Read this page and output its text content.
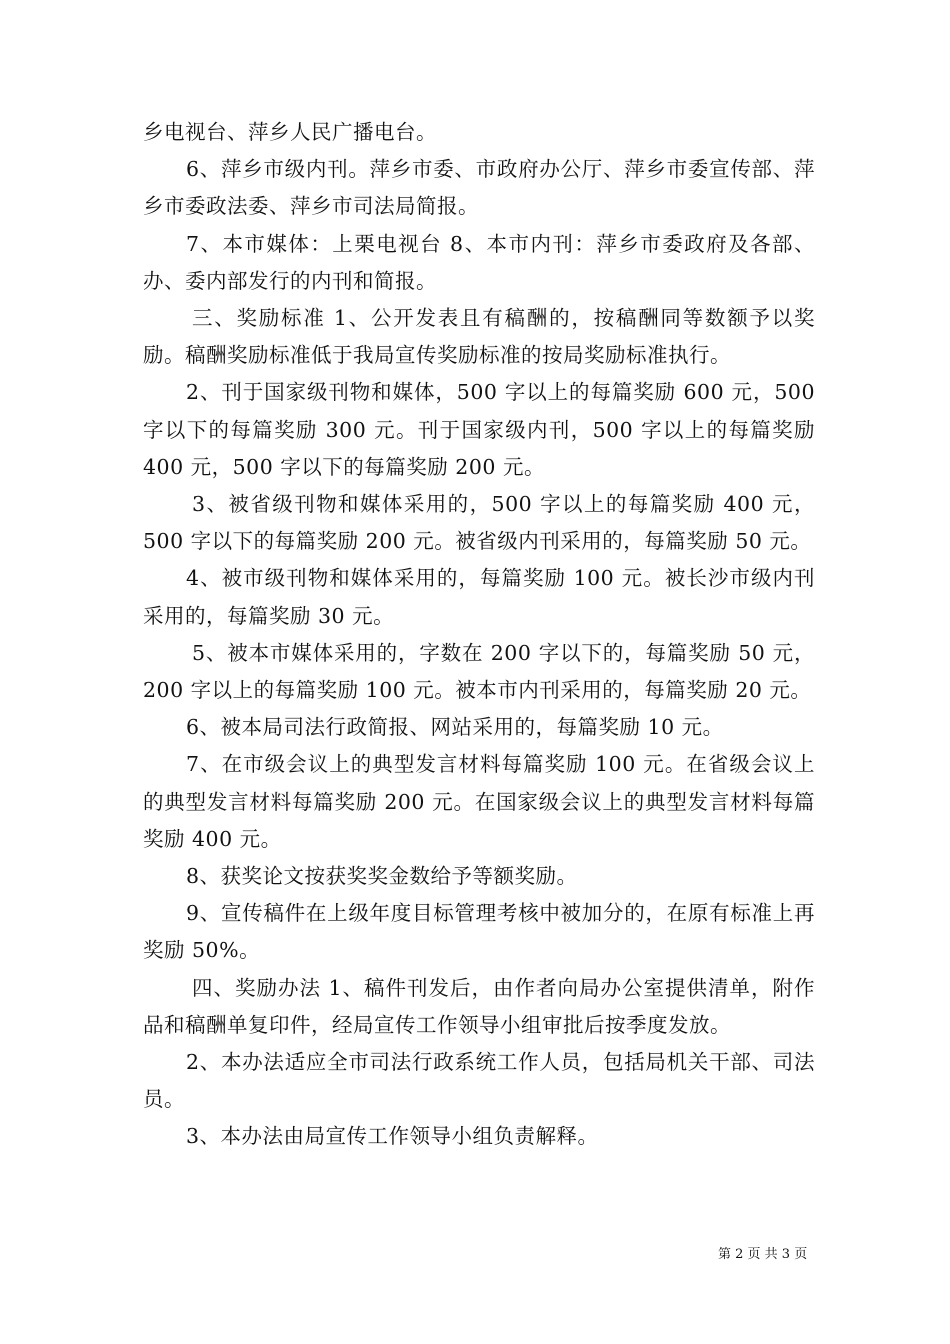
乡电视台、萍乡人民广播电台。

6、萍乡市级内刊。萍乡市委、市政府办公厅、萍乡市委宣传部、萍乡市委政法委、萍乡市司法局简报。

7、本市媒体：上栗电视台 8、本市内刊：萍乡市委政府及各部、办、委内部发行的内刊和简报。

三、奖励标准 1、公开发表且有稿酬的，按稿酬同等数额予以奖励。稿酬奖励标准低于我局宣传奖励标准的按局奖励标准执行。

2、刊于国家级刊物和媒体，500 字以上的每篇奖励 600 元，500 字以下的每篇奖励 300 元。刊于国家级内刊，500 字以上的每篇奖励 400 元，500 字以下的每篇奖励 200 元。

3、被省级刊物和媒体采用的，500 字以上的每篇奖励 400 元，500 字以下的每篇奖励 200 元。被省级内刊采用的，每篇奖励 50 元。

4、被市级刊物和媒体采用的，每篇奖励 100 元。被长沙市级内刊采用的，每篇奖励 30 元。

5、被本市媒体采用的，字数在 200 字以下的，每篇奖励 50 元，200 字以上的每篇奖励 100 元。被本市内刊采用的，每篇奖励 20 元。

6、被本局司法行政简报、网站采用的，每篇奖励 10 元。

7、在市级会议上的典型发言材料每篇奖励 100 元。在省级会议上的典型发言材料每篇奖励 200 元。在国家级会议上的典型发言材料每篇奖励 400 元。

8、获奖论文按获奖奖金数给予等额奖励。

9、宣传稿件在上级年度目标管理考核中被加分的，在原有标准上再奖励 50%。

四、奖励办法 1、稿件刊发后，由作者向局办公室提供清单，附作品和稿酬单复印件，经局宣传工作领导小组审批后按季度发放。

2、本办法适应全市司法行政系统工作人员，包括局机关干部、司法员。

3、本办法由局宣传工作领导小组负责解释。

第 2 页 共 3 页
